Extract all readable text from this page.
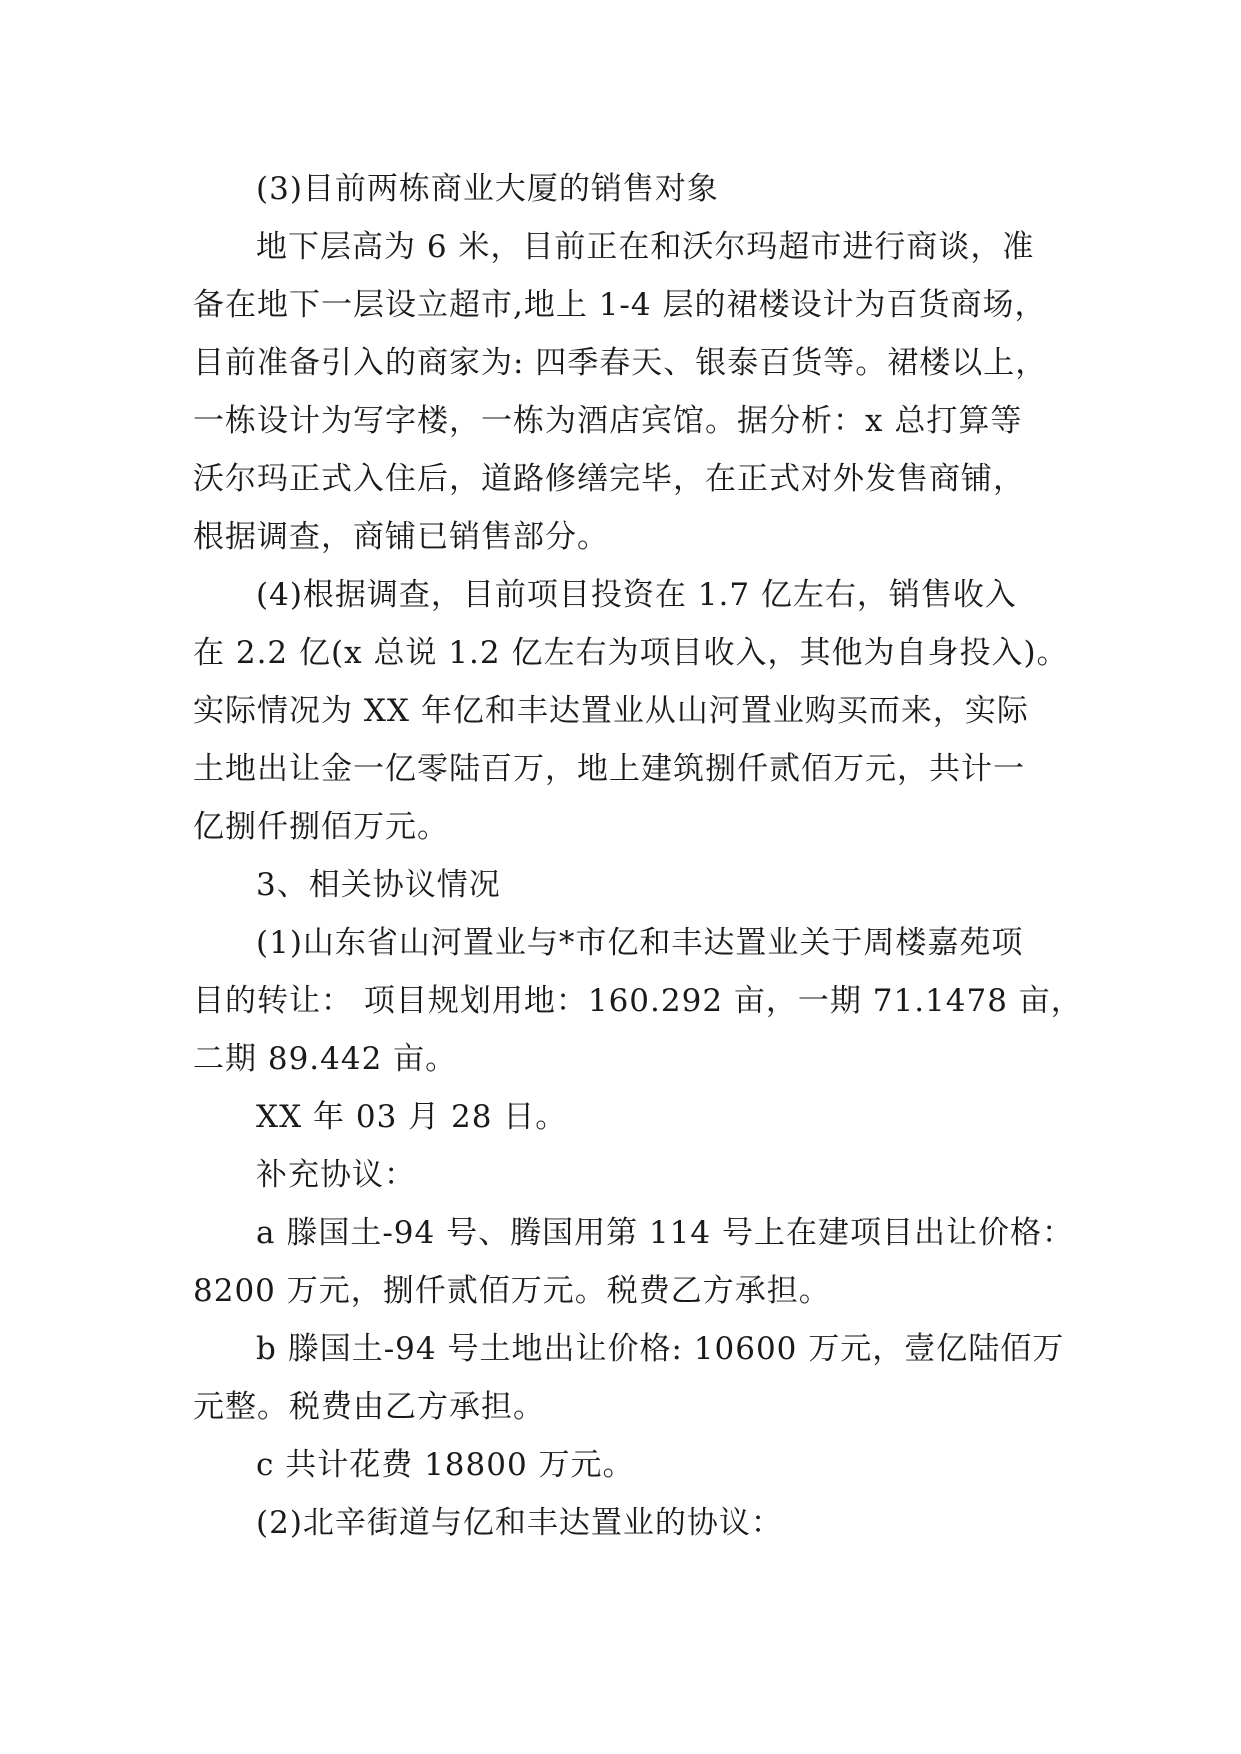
(3)目前两栋商业大厦的销售对象

地下层高为 6 米，目前正在和沃尔玛超市进行商谈，准

备在地下一层设立超市,地上 1-4 层的裙楼设计为百货商场，

目前准备引入的商家为: 四季春天、银泰百货等。裙楼以上，

一栋设计为写字楼，一栋为酒店宾馆。据分析：x 总打算等

沃尔玛正式入住后，道路修缮完毕，在正式对外发售商铺，

根据调查，商铺已销售部分。

(4)根据调查，目前项目投资在 1.7 亿左右，销售收入

在 2.2 亿(x 总说 1.2 亿左右为项目收入，其他为自身投入)。

实际情况为 XX 年亿和丰达置业从山河置业购买而来，实际

土地出让金一亿零陆百万，地上建筑捌仟贰佰万元，共计一

亿捌仟捌佰万元。

3、相关协议情况

(1)山东省山河置业与*市亿和丰达置业关于周楼嘉苑项

目的转让： 项目规划用地：160.292 亩，一期 71.1478 亩，

二期 89.442 亩。

XX 年 03 月 28 日。

补充协议：

a 滕国土-94 号、腾国用第 114 号上在建项目出让价格：

8200 万元，捌仟贰佰万元。税费乙方承担。

b 滕国土-94 号土地出让价格: 10600 万元，壹亿陆佰万

元整。税费由乙方承担。

c 共计花费 18800 万元。

(2)北辛街道与亿和丰达置业的协议：
